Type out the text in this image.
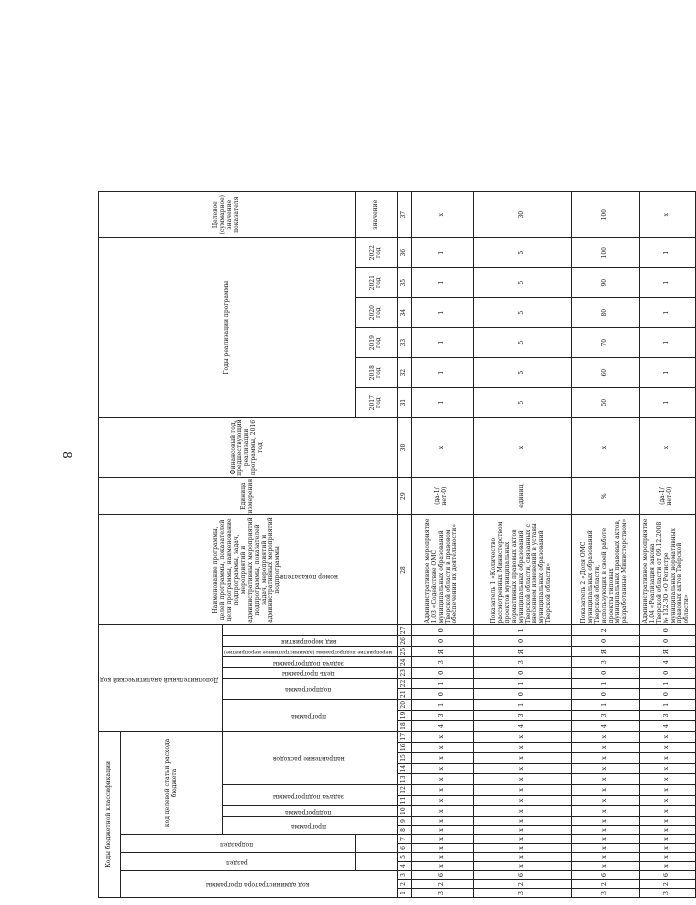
8
Коды бюджетной классификации																	Дополнительный аналитический код										Наименование программы, целей программы, показателей цели программы, наименование подпрограммы, задач, мероприятий и административных мероприятий подпрограммы, показателей задач, мероприятий и административных мероприятий подпрограммы	Единица измерения	Финансовый год, предшествующий реализации программы, 2016 год	Годы реализации программы						Целевое (суммарное) значение показателя
код администратора программы			раздел		подраздел		код целевой статьи расхода бюджета																													
							программа		подпрограмма	задача подпрограммы		направление расходов					программа			подпрограмма		цель программы	задача подпрограммы	мероприятие подпрограммы (административное мероприятие)	вид мероприятия	номер показателя										
																														2017 год	2018 год	2019 год	2020 год	2021 год	2022 год	значение
1	2	3	4	5	6	7	8	9	10	11	12	13	14	15	16	17	18	19	20	21	22	23	24	25	26	27	28	29	30	31	32	33	34	35	36	37
3	2	6	x	x	x	x	x	x	x	x	x	x	x	x	x	x	4	3	1	0	1	0	3	Я	0	0	Административное мероприятие 1.03 «Содействие ОМС муниципальных образований Тверской области в правовом обеспечении их деятельности»	(да-1/ нет-0)	x	1	1	1	1	1	1	x
3	2	6	x	x	x	x	x	x	x	x	x	x	x	x	x	x	4	3	1	0	1	0	3	Я	0	1	Показатель 1 «Количество рассмотренных Министерством проектов муниципальных нормативных правовых актов муниципальных образований Тверской области, связанных с внесением изменений в уставы муниципальных образований Тверской области»	единиц	x	5	5	5	5	5	5	30
3	2	6	x	x	x	x	x	x	x	x	x	x	x	x	x	x	4	3	1	0	1	0	3	Я	0	2	Показатель 2 «Доля ОМС муниципальных образований Тверской области, использующих в своей работе проекты типовых муниципальных правовых актов, разработанные Министерством»	%	x	50	60	70	80	90	100	100
3	2	6	x	x	x	x	x	x	x	x	x	x	x	x	x	x	4	3	1	0	1	0	4	Я	0	0	Административное мероприятие 1.04 «Реализация закона Тверской области от 09.12.2008 № 132-ЗО «О Регистре муниципальных нормативных правовых актов Тверской области»	(да-1/ нет-0)	x	1	1	1	1	1	1	x
